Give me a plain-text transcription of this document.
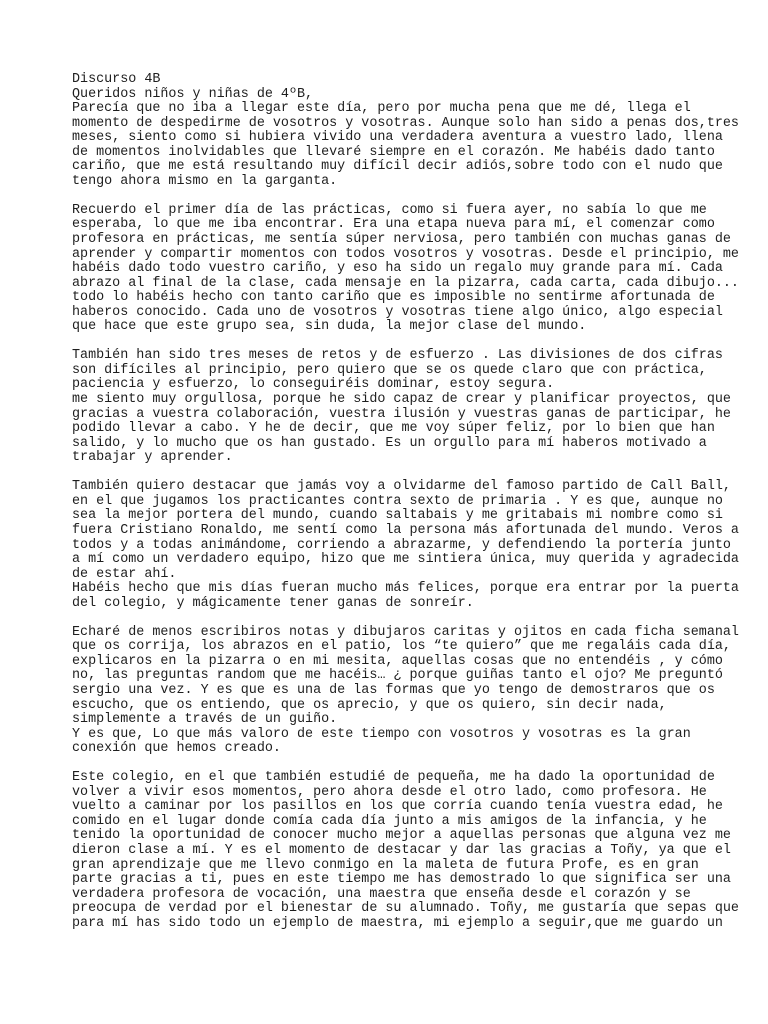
Discurso 4B
Queridos niños y niñas de 4ºB,
Parecía que no iba a llegar este día, pero por mucha pena que me dé, llega el
momento de despedirme de vosotros y vosotras. Aunque solo han sido a penas dos,tres
meses, siento como si hubiera vivido una verdadera aventura a vuestro lado, llena
de momentos inolvidables que llevaré siempre en el corazón. Me habéis dado tanto
cariño, que me está resultando muy difícil decir adiós,sobre todo con el nudo que
tengo ahora mismo en la garganta.
Recuerdo el primer día de las prácticas, como si fuera ayer, no sabía lo que me
esperaba, lo que me iba encontrar. Era una etapa nueva para mí, el comenzar como
profesora en prácticas, me sentía súper nerviosa, pero también con muchas ganas de
aprender y compartir momentos con todos vosotros y vosotras. Desde el principio, me
habéis dado todo vuestro cariño, y eso ha sido un regalo muy grande para mí. Cada
abrazo al final de la clase, cada mensaje en la pizarra, cada carta, cada dibujo...
todo lo habéis hecho con tanto cariño que es imposible no sentirme afortunada de
haberos conocido. Cada uno de vosotros y vosotras tiene algo único, algo especial
que hace que este grupo sea, sin duda, la mejor clase del mundo.
También han sido tres meses de retos y de esfuerzo . Las divisiones de dos cifras
son difíciles al principio, pero quiero que se os quede claro que con práctica,
paciencia y esfuerzo, lo conseguiréis dominar, estoy segura.
me siento muy orgullosa, porque he sido capaz de crear y planificar proyectos, que
gracias a vuestra colaboración, vuestra ilusión y vuestras ganas de participar, he
podido llevar a cabo. Y he de decir, que me voy súper feliz, por lo bien que han
salido, y lo mucho que os han gustado. Es un orgullo para mí haberos motivado a
trabajar y aprender.
También quiero destacar que jamás voy a olvidarme del famoso partido de Call Ball,
en el que jugamos los practicantes contra sexto de primaria . Y es que, aunque no
sea la mejor portera del mundo, cuando saltabais y me gritabais mi nombre como si
fuera Cristiano Ronaldo, me sentí como la persona más afortunada del mundo. Veros a
todos y a todas animándome, corriendo a abrazarme, y defendiendo la portería junto
a mí como un verdadero equipo, hizo que me sintiera única, muy querida y agradecida
de estar ahí.
Habéis hecho que mis días fueran mucho más felices, porque era entrar por la puerta
del colegio, y mágicamente tener ganas de sonreír.
Echaré de menos escribiros notas y dibujaros caritas y ojitos en cada ficha semanal
que os corrija, los abrazos en el patio, los “te quiero” que me regaláis cada día,
explicaros en la pizarra o en mi mesita, aquellas cosas que no entendéis , y cómo
no, las preguntas random que me hacéis… ¿ porque guiñas tanto el ojo? Me preguntó
sergio una vez. Y es que es una de las formas que yo tengo de demostraros que os
escucho, que os entiendo, que os aprecio, y que os quiero, sin decir nada,
simplemente a través de un guiño.
Y es que, Lo que más valoro de este tiempo con vosotros y vosotras es la gran
conexión que hemos creado.
Este colegio, en el que también estudié de pequeña, me ha dado la oportunidad de
volver a vivir esos momentos, pero ahora desde el otro lado, como profesora. He
vuelto a caminar por los pasillos en los que corría cuando tenía vuestra edad, he
comido en el lugar donde comía cada día junto a mis amigos de la infancia, y he
tenido la oportunidad de conocer mucho mejor a aquellas personas que alguna vez me
dieron clase a mí. Y es el momento de destacar y dar las gracias a Toñy, ya que el
gran aprendizaje que me llevo conmigo en la maleta de futura Profe, es en gran
parte gracias a ti, pues en este tiempo me has demostrado lo que significa ser una
verdadera profesora de vocación, una maestra que enseña desde el corazón y se
preocupa de verdad por el bienestar de su alumnado. Toñy, me gustaría que sepas que
para mí has sido todo un ejemplo de maestra, mi ejemplo a seguir,que me guardo un
